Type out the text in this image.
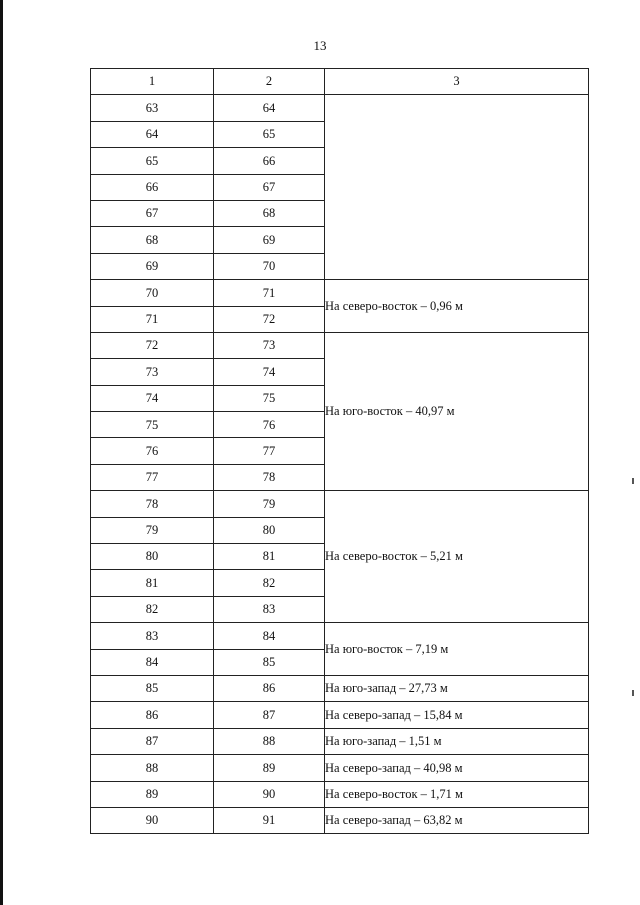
13
1	2	3
63	64	
64	65	
65	66	
66	67	
67	68	
68	69	
69	70	
70	71	На северо-восток – 0,96 м
71	72	
72	73	На юго-восток – 40,97 м
73	74	
74	75	
75	76	
76	77	
77	78	
78	79	На северо-восток – 5,21 м
79	80	
80	81	
81	82	
82	83	
83	84	На юго-восток – 7,19 м
84	85	
85	86	На юго-запад – 27,73 м
86	87	На северо-запад – 15,84 м
87	88	На юго-запад – 1,51 м
88	89	На северо-запад – 40,98 м
89	90	На северо-восток – 1,71 м
90	91	На северо-запад – 63,82 м
